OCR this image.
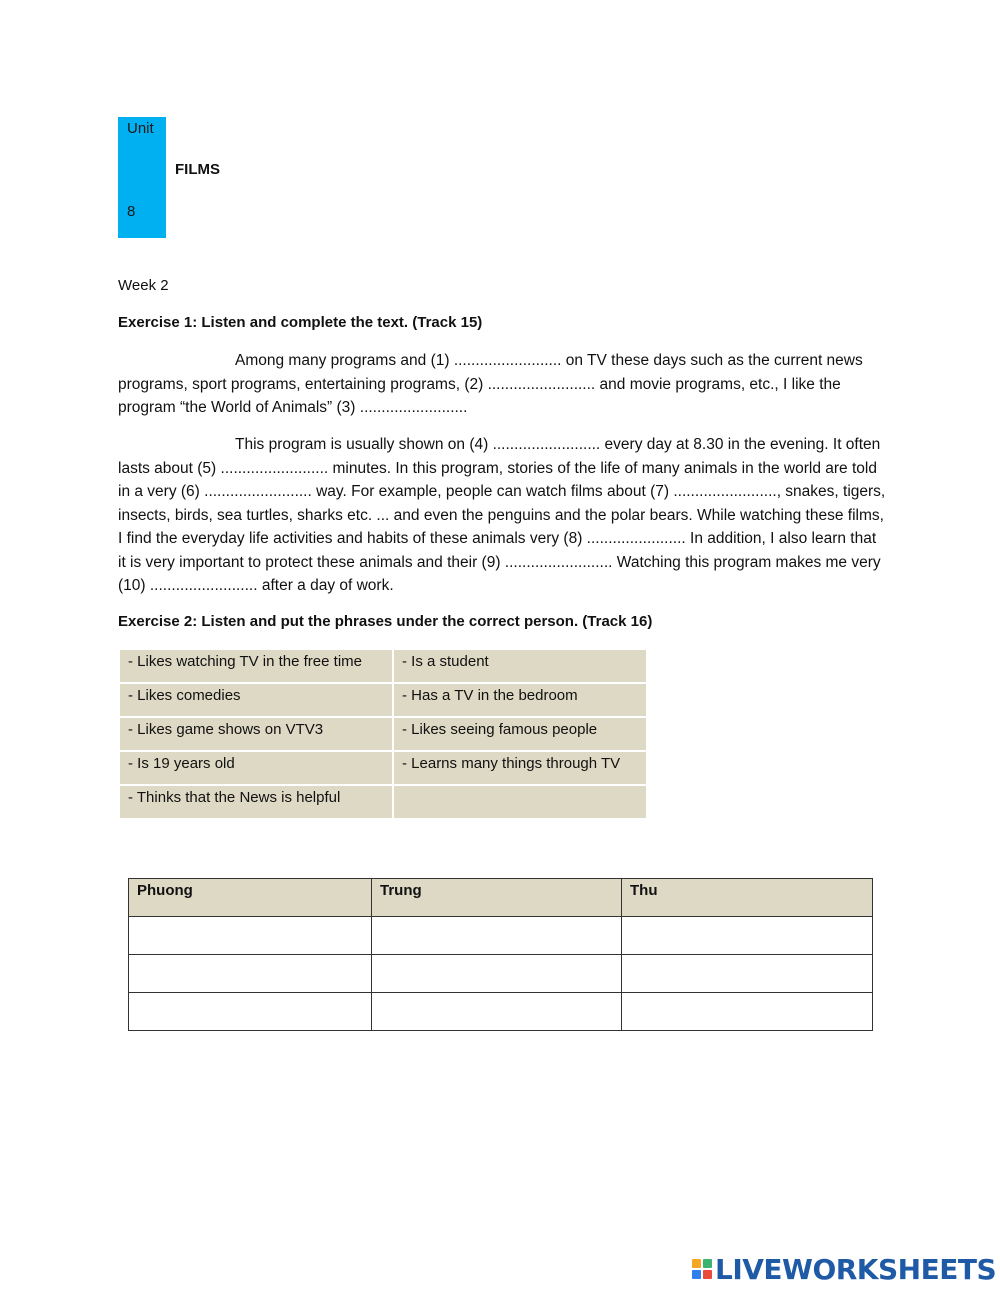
Unit
8
FILMS
Week 2
Exercise 1: Listen and complete the text. (Track 15)

Among many programs and (1) ......................... on TV these days such as the current news programs, sport programs, entertaining programs, (2) ......................... and movie programs, etc., I like the program “the World of Animals” (3) .........................

This program is usually shown on (4) ......................... every day at 8.30 in the evening. It often lasts about (5) ......................... minutes. In this program, stories of the life of many animals in the world are told in a very (6) ......................... way. For example, people can watch films about (7) ........................, snakes, tigers, insects, birds, sea turtles, sharks etc. ... and even the penguins and the polar bears. While watching these films, I find the everyday life activities and habits of these animals very (8) ....................... In addition, I also learn that it is very important to protect these animals and their (9) ......................... Watching this program makes me very (10) ......................... after a day of work.

Exercise 2: Listen and put the phrases under the correct person. (Track 16)
- Likes watching TV in the free time	- Is a student
- Likes comedies	- Has a TV in the bedroom
- Likes game shows on VTV3	- Likes seeing famous people
- Is 19 years old	- Learns many things through TV
- Thinks that the News is helpful	
Phuong	Trung	Thu

LIVEWORKSHEETS
